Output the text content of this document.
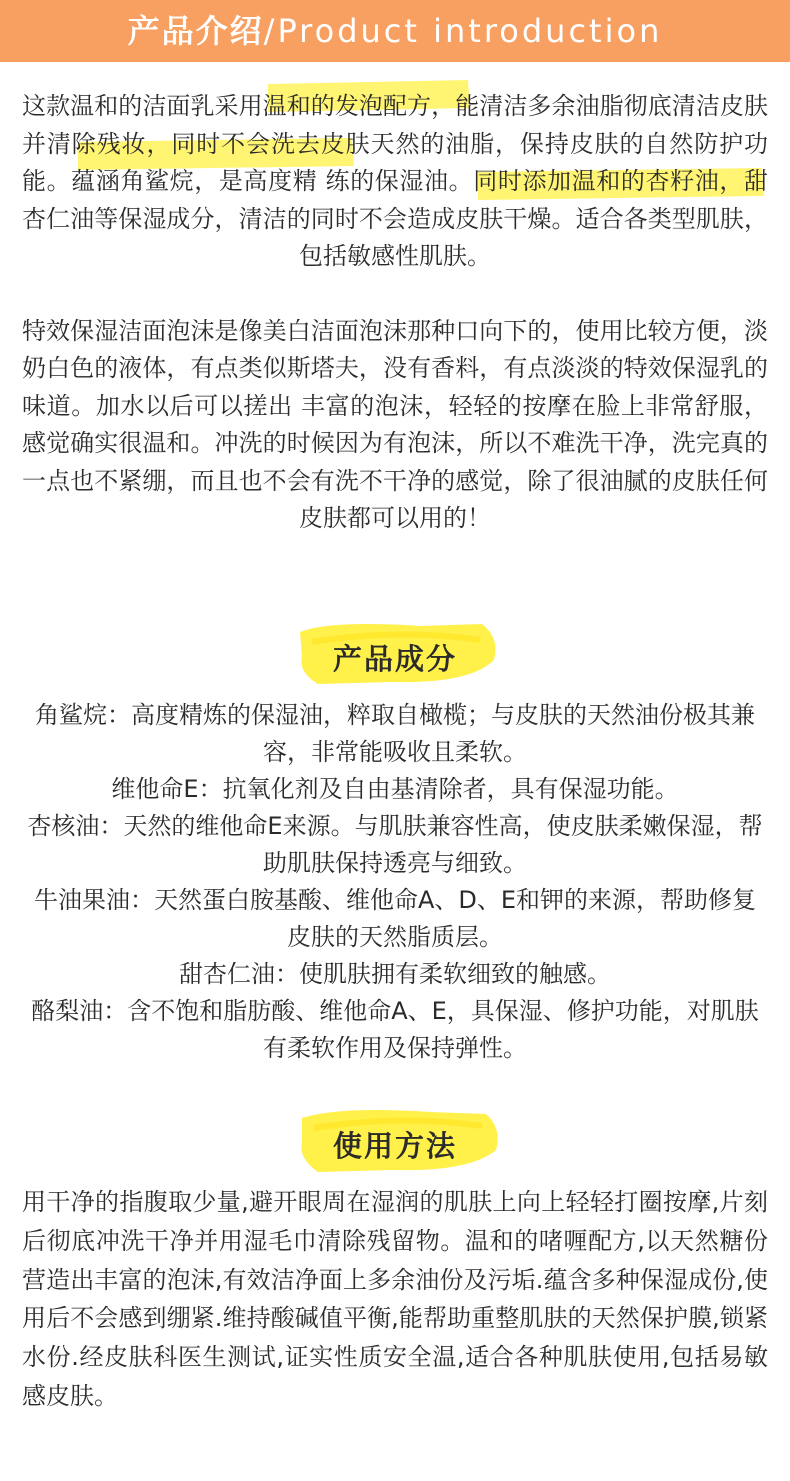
产品介绍/Product introduction
这款温和的洁面乳采用温和的发泡配方，能清洁多余油脂彻底清洁皮肤并清除残妆，同时不会洗去皮肤天然的油脂，保持皮肤的自然防护功能。蕴涵角鲨烷，是高度精 练的保湿油。同时添加温和的杏籽油，甜杏仁油等保湿成分，清洁的同时不会造成皮肤干燥。适合各类型肌肤，包括敏感性肌肤。
特效保湿洁面泡沫是像美白洁面泡沫那种口向下的，使用比较方便，淡奶白色的液体，有点类似斯塔夫，没有香料，有点淡淡的特效保湿乳的味道。加水以后可以搓出 丰富的泡沫，轻轻的按摩在脸上非常舒服，感觉确实很温和。冲洗的时候因为有泡沫，所以不难洗干净，洗完真的一点也不紧绷，而且也不会有洗不干净的感觉，除了很油腻的皮肤任何皮肤都可以用的！
产品成分

角鲨烷：高度精炼的保湿油，粹取自橄榄；与皮肤的天然油份极其兼容，非常能吸收且柔软。

维他命E：抗氧化剂及自由基清除者，具有保湿功能。

杏核油：天然的维他命E来源。与肌肤兼容性高，使皮肤柔嫩保湿，帮助肌肤保持透亮与细致。

牛油果油：天然蛋白胺基酸、维他命A、D、E和钾的来源，帮助修复皮肤的天然脂质层。

甜杏仁油：使肌肤拥有柔软细致的触感。

酪梨油：含不饱和脂肪酸、维他命A、E，具保湿、修护功能，对肌肤有柔软作用及保持弹性。

使用方法
用干净的指腹取少量,避开眼周在湿润的肌肤上向上轻轻打圈按摩,片刻后彻底冲洗干净并用湿毛巾清除残留物。温和的啫喱配方,以天然糖份营造出丰富的泡沫,有效洁净面上多余油份及污垢.蕴含多种保湿成份,使用后不会感到绷紧.维持酸碱值平衡,能帮助重整肌肤的天然保护膜,锁紧水份.经皮肤科医生测试,证实性质安全温,适合各种肌肤使用,包括易敏感皮肤。
